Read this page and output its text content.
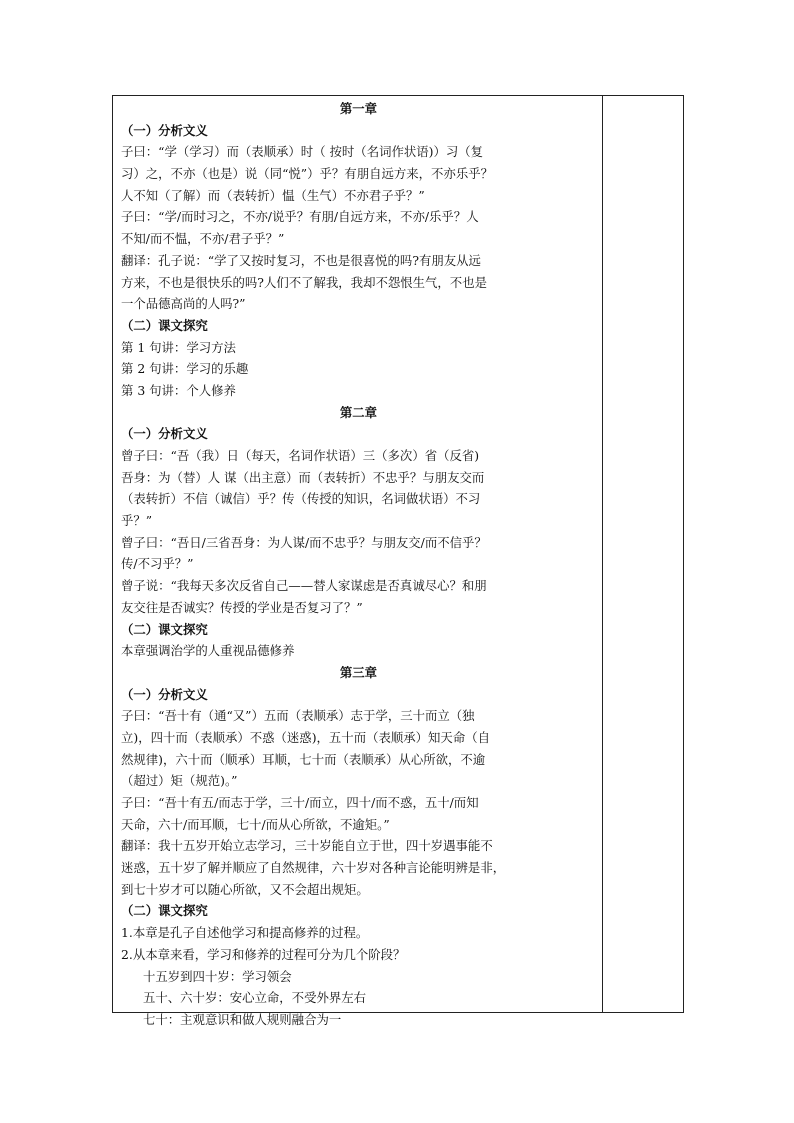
第一章
（一）分析文义
子曰：“学（学习）而（表顺承）时（ 按时（名词作状语)）习（复
习）之，不亦（也是）说（同“悦”）乎？有朋自远方来，不亦乐乎？
人不知（了解）而（表转折）愠（生气）不亦君子乎？”
子曰：“学/而时习之，不亦/说乎？有朋/自远方来，不亦/乐乎？人
不知/而不愠，不亦/君子乎？”
翻译：孔子说：“学了又按时复习，不也是很喜悦的吗?有朋友从远
方来，不也是很快乐的吗?人们不了解我，我却不怨恨生气，不也是
一个品德高尚的人吗?”
（二）课文探究
第 1 句讲：学习方法
第 2 句讲：学习的乐趣
第 3 句讲：个人修养
第二章
（一）分析文义
曾子曰：“吾（我）日（每天，名词作状语）三（多次）省（反省)
吾身：为（替）人 谋（出主意）而（表转折）不忠乎？与朋友交而
（表转折）不信（诚信）乎？传（传授的知识，名词做状语）不习
乎？”
曾子曰：“吾日/三省吾身：为人谋/而不忠乎？与朋友交/而不信乎？
传/不习乎？”
曾子说：“我每天多次反省自己——替人家谋虑是否真诚尽心？和朋
友交往是否诚实？传授的学业是否复习了？”
（二）课文探究
本章强调治学的人重视品德修养
第三章
（一）分析文义
子曰：“吾十有（通“又”）五而（表顺承）志于学，三十而立（独
立)，四十而（表顺承）不惑（迷惑)，五十而（表顺承）知天命（自
然规律)，六十而（顺承）耳顺，七十而（表顺承）从心所欲，不逾
（超过）矩（规范)。”
子曰：“吾十有五/而志于学，三十/而立，四十/而不惑，五十/而知
天命，六十/而耳顺，七十/而从心所欲，不逾矩。”
翻译：我十五岁开始立志学习，三十岁能自立于世，四十岁遇事能不
迷惑，五十岁了解并顺应了自然规律，六十岁对各种言论能明辨是非，
到七十岁才可以随心所欲，又不会超出规矩。
（二）课文探究
1.本章是孔子自述他学习和提高修养的过程。
2.从本章来看，学习和修养的过程可分为几个阶段？
十五岁到四十岁：学习领会
五十、六十岁：安心立命，不受外界左右
七十：主观意识和做人规则融合为一
